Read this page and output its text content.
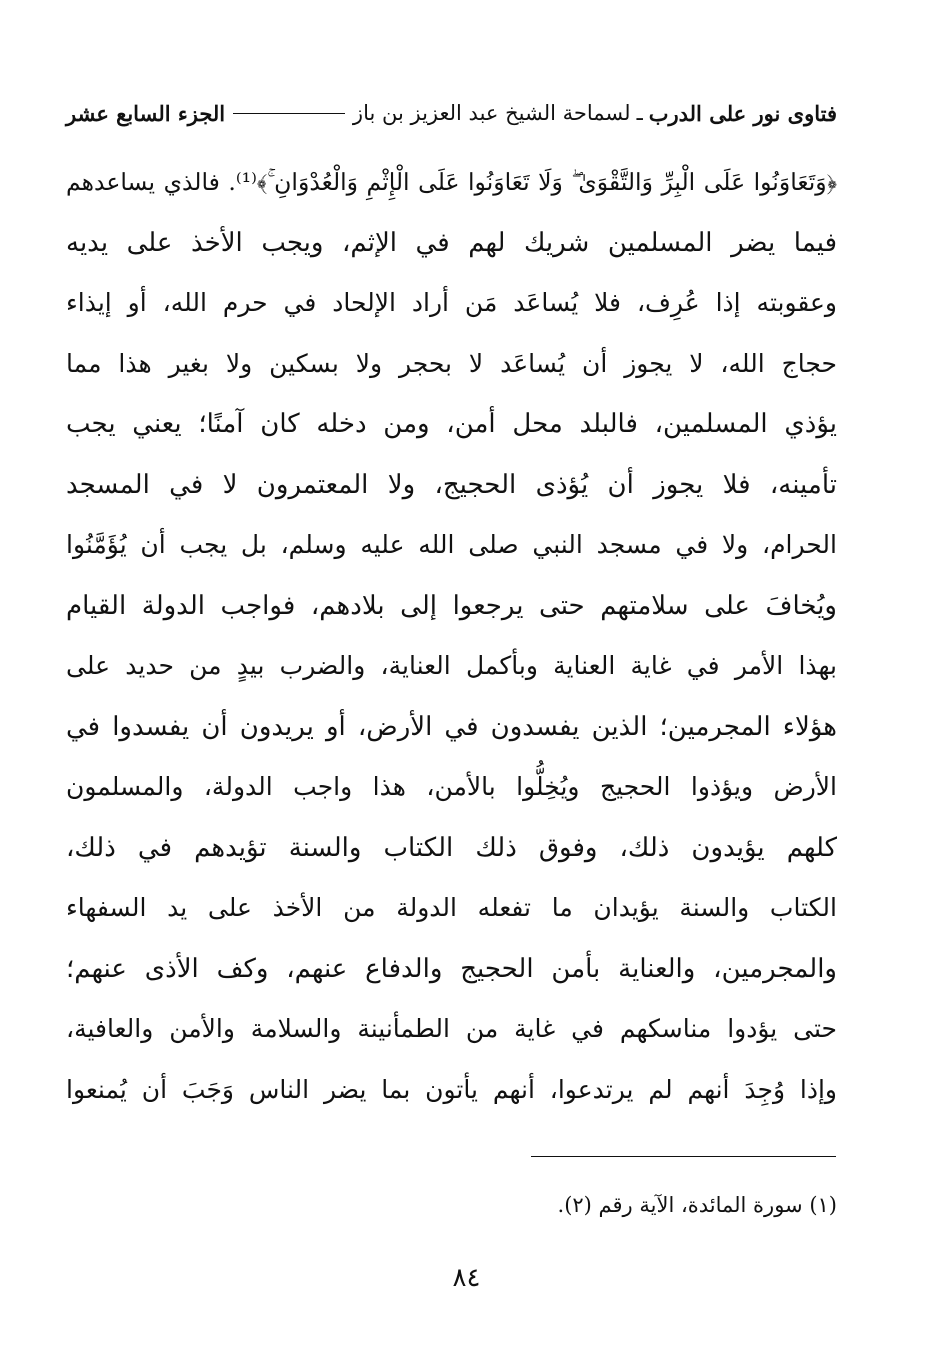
فتاوى نور على الدرب
ـ
لسماحة الشيخ عبد العزيز بن باز
الجزء السابع عشر
﴿وَتَعَاوَنُوا عَلَى الْبِرِّ وَالتَّقْوَىٰ ۖ وَلَا تَعَاوَنُوا عَلَى الْإِثْمِ وَالْعُدْوَانِ ۚ﴾⁽¹⁾. فالذي يساعدهم
فيما يضر المسلمين شريك لهم في الإثم، ويجب الأخذ على يديه
وعقوبته إذا عُرِف، فلا يُساعَد مَن أراد الإلحاد في حرم الله، أو إيذاء
حجاج الله، لا يجوز أن يُساعَد لا بحجر ولا بسكين ولا بغير هذا مما
يؤذي المسلمين، فالبلد محل أمن، ومن دخله كان آمنًا؛ يعني يجب
تأمينه، فلا يجوز أن يُؤذى الحجيج، ولا المعتمرون لا في المسجد
الحرام، ولا في مسجد النبي صلى الله عليه وسلم، بل يجب أن يُؤَمَّنُوا
ويُخافَ على سلامتهم حتى يرجعوا إلى بلادهم، فواجب الدولة القيام
بهذا الأمر في غاية العناية وبأكمل العناية، والضرب بيدٍ من حديد على
هؤلاء المجرمين؛ الذين يفسدون في الأرض، أو يريدون أن يفسدوا في
الأرض ويؤذوا الحجيج ويُخِلُّوا بالأمن، هذا واجب الدولة، والمسلمون
كلهم يؤيدون ذلك، وفوق ذلك الكتاب والسنة تؤيدهم في ذلك،
الكتاب والسنة يؤيدان ما تفعله الدولة من الأخذ على يد السفهاء
والمجرمين، والعناية بأمن الحجيج والدفاع عنهم، وكف الأذى عنهم؛
حتى يؤدوا مناسكهم في غاية من الطمأنينة والسلامة والأمن والعافية،
وإذا وُجِدَ أنهم لم يرتدعوا، أنهم يأتون بما يضر الناس وَجَبَ أن يُمنعوا
(١) سورة المائدة، الآية رقم (٢).
٨٤
